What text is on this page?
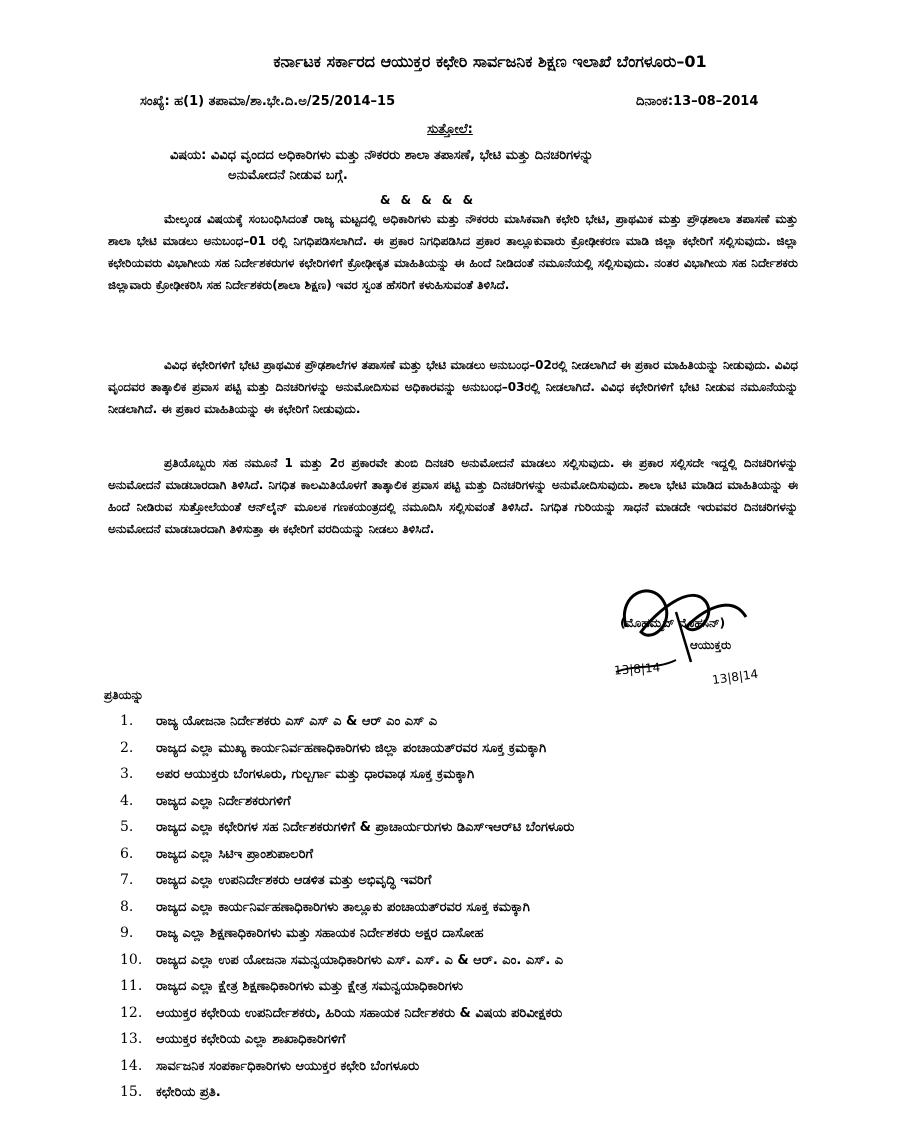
ಕರ್ನಾಟಕ ಸರ್ಕಾರದ ಆಯುಕ್ತರ ಕಛೇರಿ ಸಾರ್ವಜನಿಕ ಶಿಕ್ಷಣ ಇಲಾಖೆ ಬೆಂಗಳೂರು–01
ಸಂಖ್ಯೆ: ಹ(1) ತಪಾಮಾ/ಶಾ.ಭೇ.ದಿ.ಅ/25/2014–15	ದಿನಾಂಕ:13–08–2014
ಸುತ್ತೋಲೆ:
ವಿಷಯ: ವಿವಿಧ ವೃಂದದ ಅಧಿಕಾರಿಗಳು ಮತ್ತು ನೌಕರರು ಶಾಲಾ ತಪಾಸಣೆ, ಭೇಟಿ ಮತ್ತು ದಿನಚರಿಗಳನ್ನು
ಅನುಮೋದನೆ ನೀಡುವ ಬಗ್ಗೆ.
& & & & &

ಮೇಲ್ಕಂಡ ವಿಷಯಕ್ಕೆ ಸಂಬಂಧಿಸಿದಂತೆ ರಾಜ್ಯ ಮಟ್ಟದಲ್ಲಿ ಅಧಿಕಾರಿಗಳು ಮತ್ತು ನೌಕರರು ಮಾಸಿಕವಾಗಿ ಕಛೇರಿ ಭೇಟಿ, ಪ್ರಾಥಮಿಕ ಮತ್ತು ಪ್ರೌಢಶಾಲಾ ತಪಾಸಣೆ ಮತ್ತು ಶಾಲಾ ಭೇಟಿ ಮಾಡಲು ಅನುಬಂಧ–01 ರಲ್ಲಿ ನಿಗಧಿಪಡಿಸಲಾಗಿದೆ. ಈ ಪ್ರಕಾರ ನಿಗಧಿಪಡಿಸಿದ ಪ್ರಕಾರ ತಾಲ್ಲೂಕುವಾರು ಕ್ರೋಢೀಕರಣ ಮಾಡಿ ಜಿಲ್ಲಾ ಕಛೇರಿಗೆ ಸಲ್ಲಿಸುವುದು. ಜಿಲ್ಲಾ ಕಛೇರಿಯವರು ವಿಭಾಗೀಯ ಸಹ ನಿರ್ದೇಶಕರುಗಳ ಕಛೇರಿಗಳಿಗೆ ಕ್ರೋಢೀಕೃತ ಮಾಹಿತಿಯನ್ನು ಈ ಹಿಂದೆ ನೀಡಿದಂತೆ ನಮೂನೆಯಲ್ಲಿ ಸಲ್ಲಿಸುವುದು. ನಂತರ ವಿಭಾಗೀಯ ಸಹ ನಿರ್ದೇಶಕರು ಜಿಲ್ಲಾವಾರು ಕ್ರೋಢೀಕರಿಸಿ ಸಹ ನಿರ್ದೇಶಕರು(ಶಾಲಾ ಶಿಕ್ಷಣ) ಇವರ ಸ್ವಂತ ಹೆಸರಿಗೆ ಕಳುಹಿಸುವಂತೆ ತಿಳಿಸಿದೆ.

ವಿವಿಧ ಕಛೇರಿಗಳಿಗೆ ಭೇಟಿ ಪ್ರಾಥಮಿಕ ಪ್ರೌಢಶಾಲೆಗಳ ತಪಾಸಣೆ ಮತ್ತು ಭೇಟಿ ಮಾಡಲು ಅನುಬಂಧ–02ರಲ್ಲಿ ನೀಡಲಾಗಿದೆ ಈ ಪ್ರಕಾರ ಮಾಹಿತಿಯನ್ನು ನೀಡುವುದು. ವಿವಿಧ ವೃಂದವರ ತಾತ್ಕಾಲಿಕ ಪ್ರವಾಸ ಪಟ್ಟಿ ಮತ್ತು ದಿನಚರಿಗಳನ್ನು ಅನುಮೋದಿಸುವ ಅಧಿಕಾರವನ್ನು ಅನುಬಂಧ–03ರಲ್ಲಿ ನೀಡಲಾಗಿದೆ. ವಿವಿಧ ಕಛೇರಿಗಳಿಗೆ ಭೇಟಿ ನೀಡುವ ನಮೂನೆಯನ್ನು ನೀಡಲಾಗಿದೆ. ಈ ಪ್ರಕಾರ ಮಾಹಿತಿಯನ್ನು ಈ ಕಛೇರಿಗೆ ನೀಡುವುದು.

ಪ್ರತಿಯೊಬ್ಬರು ಸಹ ನಮೂನೆ 1 ಮತ್ತು 2ರ ಪ್ರಕಾರವೇ ತುಂಬಿ ದಿನಚರಿ ಅನುಮೋದನೆ ಮಾಡಲು ಸಲ್ಲಿಸುವುದು. ಈ ಪ್ರಕಾರ ಸಲ್ಲಿಸದೇ ಇದ್ದಲ್ಲಿ ದಿನಚರಿಗಳನ್ನು ಅನುಮೋದನೆ ಮಾಡಬಾರದಾಗಿ ತಿಳಿಸಿದೆ. ನಿಗಧಿತ ಕಾಲಮಿತಿಯೊಳಗೆ ತಾತ್ಕಾಲಿಕ ಪ್ರವಾಸ ಪಟ್ಟಿ ಮತ್ತು ದಿನಚರಿಗಳನ್ನು ಅನುಮೋದಿಸುವುದು. ಶಾಲಾ ಭೇಟಿ ಮಾಡಿದ ಮಾಹಿತಿಯನ್ನು ಈ ಹಿಂದೆ ನೀಡಿರುವ ಸುತ್ತೋಲೆಯಂತೆ ಆನ್‌ಲೈನ್ ಮೂಲಕ ಗಣಕಯಂತ್ರದಲ್ಲಿ ನಮೂದಿಸಿ ಸಲ್ಲಿಸುವಂತೆ ತಿಳಿಸಿದೆ. ನಿಗಧಿತ ಗುರಿಯನ್ನು ಸಾಧನೆ ಮಾಡದೇ ಇರುವವರ ದಿನಚರಿಗಳನ್ನು ಅನುಮೋದನೆ ಮಾಡಬಾರದಾಗಿ ತಿಳಿಸುತ್ತಾ ಈ ಕಛೇರಿಗೆ ವರದಿಯನ್ನು ನೀಡಲು ತಿಳಿಸಿದೆ.

(ಮೊಹಮ್ಮದ್ ಮೊಹಸಿನ್)
ಆಯುಕ್ತರು
13|8|14	13|8|14
ಪ್ರತಿಯನ್ನು
1. ರಾಜ್ಯ ಯೋಜನಾ ನಿರ್ದೇಶಕರು ಎಸ್ ಎಸ್ ಎ & ಆರ್ ಎಂ ಎಸ್ ಎ
2. ರಾಜ್ಯದ ಎಲ್ಲಾ ಮುಖ್ಯ ಕಾರ್ಯನಿರ್ವಹಣಾಧಿಕಾರಿಗಳು ಜಿಲ್ಲಾ ಪಂಚಾಯತ್‌ರವರ ಸೂಕ್ತ ಕ್ರಮಕ್ಕಾಗಿ
3. ಅಪರ ಆಯುಕ್ತರು ಬೆಂಗಳೂರು, ಗುಲ್ಬರ್ಗಾ ಮತ್ತು ಧಾರವಾಢ ಸೂಕ್ತ ಕ್ರಮಕ್ಕಾಗಿ
4. ರಾಜ್ಯದ ಎಲ್ಲಾ ನಿರ್ದೇಶಕರುಗಳಿಗೆ
5. ರಾಜ್ಯದ ಎಲ್ಲಾ ಕಛೇರಿಗಳ ಸಹ ನಿರ್ದೇಶಕರುಗಳಿಗೆ & ಪ್ರಾಚಾರ್ಯರುಗಳು ಡಿಎಸ್‌ಇಆರ್‌ಟಿ ಬೆಂಗಳೂರು
6. ರಾಜ್ಯದ ಎಲ್ಲಾ ಸಿಟಿಇ ಪ್ರಾಂಶುಪಾಲರಿಗೆ
7. ರಾಜ್ಯದ ಎಲ್ಲಾ ಉಪನಿರ್ದೇಶಕರು ಆಡಳಿತ ಮತ್ತು ಅಭಿವೃದ್ಧಿ ಇವರಿಗೆ
8. ರಾಜ್ಯದ ಎಲ್ಲಾ ಕಾರ್ಯನಿರ್ವಹಣಾಧಿಕಾರಿಗಳು ತಾಲ್ಲೂಕು ಪಂಚಾಯತ್‌ರವರ ಸೂಕ್ತ ಕಮಕ್ಕಾಗಿ
9. ರಾಜ್ಯ ಎಲ್ಲಾ ಶಿಕ್ಷಣಾಧಿಕಾರಿಗಳು ಮತ್ತು ಸಹಾಯಕ ನಿರ್ದೇಶಕರು ಅಕ್ಷರ ದಾಸೋಹ
10. ರಾಜ್ಯದ ಎಲ್ಲಾ ಉಪ ಯೋಜನಾ ಸಮನ್ವಯಾಧಿಕಾರಿಗಳು ಎಸ್. ಎಸ್. ಎ & ಆರ್. ಎಂ. ಎಸ್. ಎ
11. ರಾಜ್ಯದ ಎಲ್ಲಾ ಕ್ಷೇತ್ರ ಶಿಕ್ಷಣಾಧಿಕಾರಿಗಳು ಮತ್ತು ಕ್ಷೇತ್ರ ಸಮನ್ವಯಾಧಿಕಾರಿಗಳು
12. ಆಯುಕ್ತರ ಕಛೇರಿಯ ಉಪನಿರ್ದೇಶಕರು, ಹಿರಿಯ ಸಹಾಯಕ ನಿರ್ದೇಶಕರು & ವಿಷಯ ಪರಿವೀಕ್ಷಕರು
13. ಆಯುಕ್ತರ ಕಛೇರಿಯ ಎಲ್ಲಾ ಶಾಖಾಧಿಕಾರಿಗಳಿಗೆ
14. ಸಾರ್ವಜನಿಕ ಸಂಪರ್ಕಾಧಿಕಾರಿಗಳು ಆಯುಕ್ತರ ಕಛೇರಿ ಬೆಂಗಳೂರು
15. ಕಛೇರಿಯ ಪ್ರತಿ.
